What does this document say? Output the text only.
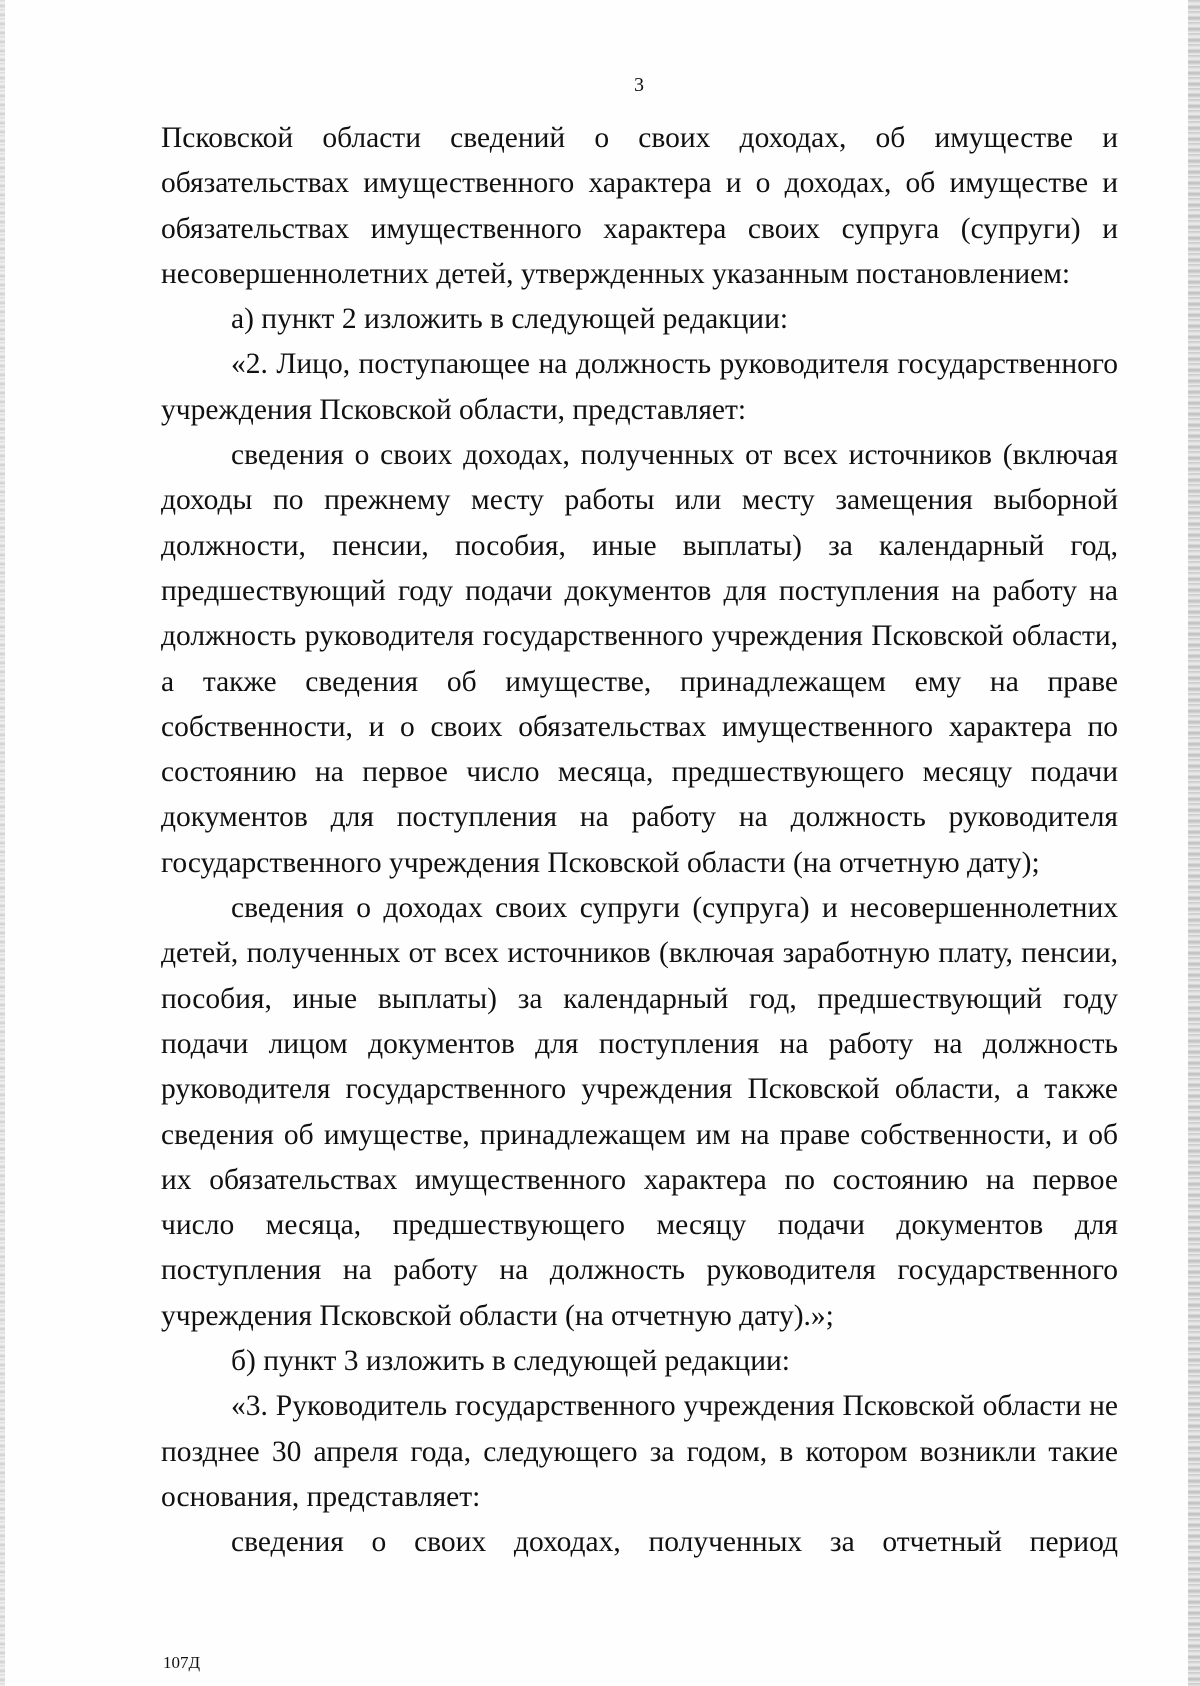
3

Псковской области сведений о своих доходах, об имуществе и обязательствах имущественного характера и о доходах, об имуществе и обязательствах имущественного характера своих супруга (супруги) и несовершеннолетних детей, утвержденных указанным постановлением:

а) пункт 2 изложить в следующей редакции:

«2. Лицо, поступающее на должность руководителя государственного учреждения Псковской области, представляет:

сведения о своих доходах, полученных от всех источников (включая доходы по прежнему месту работы или месту замещения выборной должности, пенсии, пособия, иные выплаты) за календарный год, предшествующий году подачи документов для поступления на работу на должность руководителя государственного учреждения Псковской области, а также сведения об имуществе, принадлежащем ему на праве собственности, и о своих обязательствах имущественного характера по состоянию на первое число месяца, предшествующего месяцу подачи документов для поступления на работу на должность руководителя государственного учреждения Псковской области (на отчетную дату);

сведения о доходах своих супруги (супруга) и несовершеннолетних детей, полученных от всех источников (включая заработную плату, пенсии, пособия, иные выплаты) за календарный год, предшествующий году подачи лицом документов для поступления на работу на должность руководителя государственного учреждения Псковской области, а также сведения об имуществе, принадлежащем им на праве собственности, и об их обязательствах имущественного характера по состоянию на первое число месяца, предшествующего месяцу подачи документов для поступления на работу на должность руководителя государственного учреждения Псковской области (на отчетную дату).»;

б) пункт 3 изложить в следующей редакции:

«3. Руководитель государственного учреждения Псковской области не позднее 30 апреля года, следующего за годом, в котором возникли такие основания, представляет:

сведения о своих доходах, полученных за отчетный период

107Д
